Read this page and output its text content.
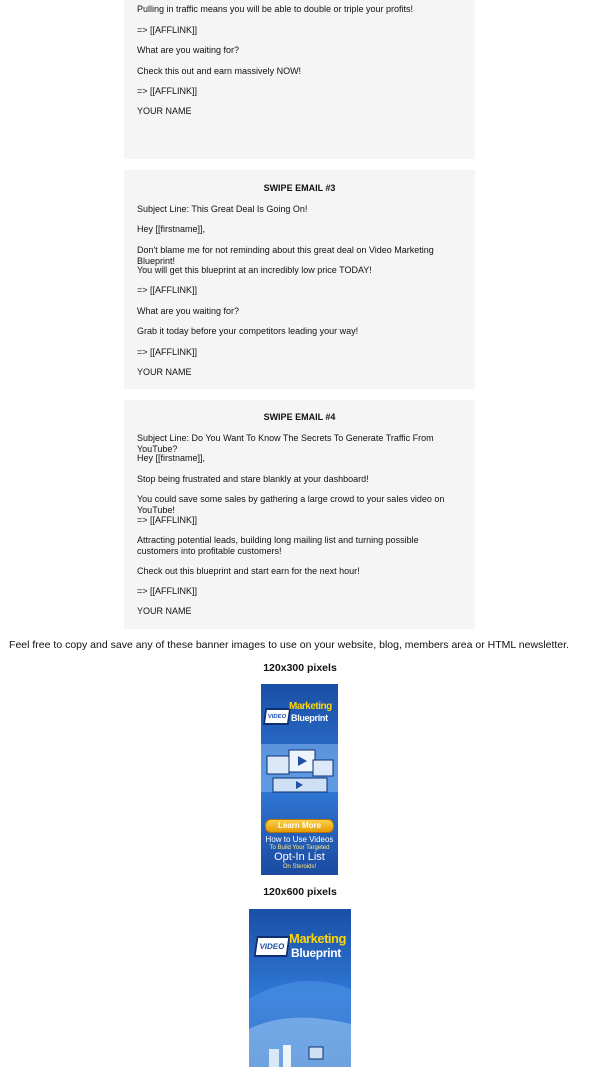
Pulling in traffic means you will be able to double or triple your profits!

=> [[AFFLINK]]

What are you waiting for?

Check this out and earn massively NOW!

=> [[AFFLINK]]

YOUR NAME

SWIPE EMAIL #3

Subject Line: This Great Deal Is Going On!

Hey [[firstname]],

Don't blame me for not reminding about this great deal on Video Marketing Blueprint!

You will get this blueprint at an incredibly low price TODAY!

=> [[AFFLINK]]

What are you waiting for?

Grab it today before your competitors leading your way!

=> [[AFFLINK]]

YOUR NAME

SWIPE EMAIL #4

Subject Line: Do You Want To Know The Secrets To Generate Traffic From YouTube?

Hey [[firstname]],

Stop being frustrated and stare blankly at your dashboard!

You could save some sales by gathering a large crowd to your sales video on YouTube!

=> [[AFFLINK]]

Attracting potential leads, building long mailing list and turning possible customers into profitable customers!

Check out this blueprint and start earn for the next hour!

=> [[AFFLINK]]

YOUR NAME

Feel free to copy and save any of these banner images to use on your website, blog, members area or HTML newsletter.

120x300 pixels

VIDEO
Marketing
Blueprint
Learn More
How to Use Videos
To Build Your Targeted
Opt-In List
On Steroids!

120x600 pixels

VIDEO
Marketing
Blueprint
